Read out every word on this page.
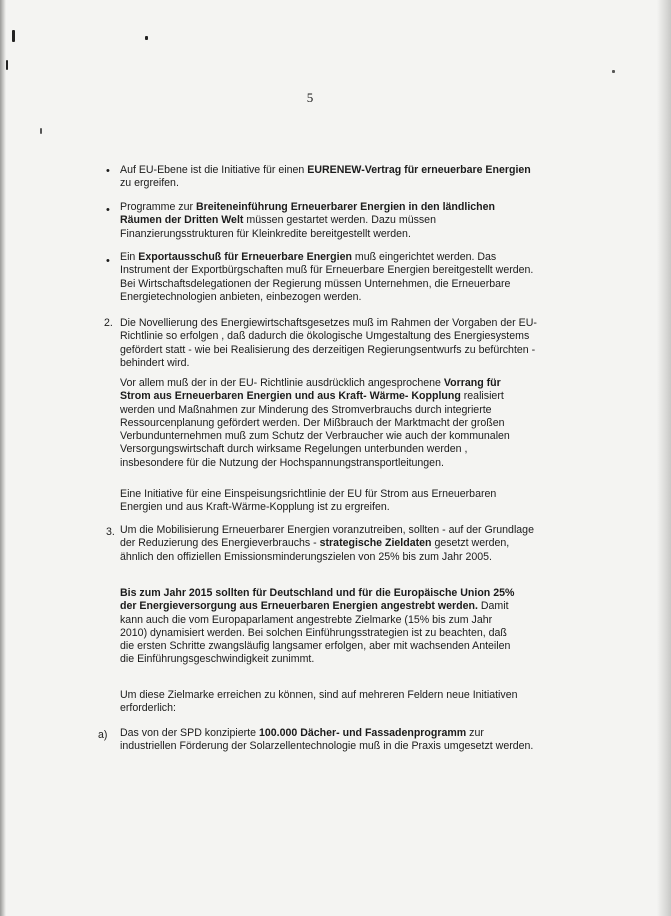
5
• Auf EU-Ebene ist die Initiative für einen EURENEW-Vertrag für erneuerbare Energien zu ergreifen.
• Programme zur Breiteneinführung Erneuerbarer Energien in den ländlichen Räumen der Dritten Welt müssen gestartet werden. Dazu müssen Finanzierungsstrukturen für Kleinkredite bereitgestellt werden.
• Ein Exportausschuß für Erneuerbare Energien muß eingerichtet werden. Das Instrument der Exportbürgschaften muß für Erneuerbare Energien bereitgestellt werden. Bei Wirtschaftsdelegationen der Regierung müssen Unternehmen, die Erneuerbare Energietechnologien anbieten, einbezogen werden.
2. Die Novellierung des Energiewirtschaftsgesetzes muß im Rahmen der Vorgaben der EU- Richtlinie so erfolgen , daß dadurch die ökologische Umgestaltung des Energiesystems gefördert statt - wie bei Realisierung des derzeitigen Regierungsentwurfs zu befürchten - behindert wird.
Vor allem muß der in der EU- Richtlinie ausdrücklich angesprochene Vorrang für Strom aus Erneuerbaren Energien und aus Kraft- Wärme- Kopplung realisiert werden und Maßnahmen zur Minderung des Stromverbrauchs durch integrierte Ressourcenplanung gefördert werden. Der Mißbrauch der Marktmacht der großen Verbundunternehmen muß zum Schutz der Verbraucher wie auch der kommunalen Versorgungswirtschaft durch wirksame Regelungen unterbunden werden , insbesondere für die Nutzung der Hochspannungstransportleitungen.
Eine Initiative für eine Einspeisungsrichtlinie der EU für Strom aus Erneuerbaren Energien und aus Kraft-Wärme-Kopplung ist zu ergreifen.
3. Um die Mobilisierung Erneuerbarer Energien voranzutreiben, sollten - auf der Grundlage der Reduzierung des Energieverbrauchs - strategische Zieldaten gesetzt werden, ähnlich den offiziellen Emissionsminderungszielen von 25% bis zum Jahr 2005.
Bis zum Jahr 2015 sollten für Deutschland und für die Europäische Union 25% der Energieversorgung aus Erneuerbaren Energien angestrebt werden. Damit kann auch die vom Europaparlament angestrebte Zielmarke (15% bis zum Jahr 2010) dynamisiert werden. Bei solchen Einführungsstrategien ist zu beachten, daß die ersten Schritte zwangsläufig langsamer erfolgen, aber mit wachsenden Anteilen die Einführungsgeschwindigkeit zunimmt.
Um diese Zielmarke erreichen zu können, sind auf mehreren Feldern neue Initiativen erforderlich:
a) Das von der SPD konzipierte 100.000 Dächer- und Fassadenprogramm zur industriellen Förderung der Solarzellentechnologie muß in die Praxis umgesetzt werden.
